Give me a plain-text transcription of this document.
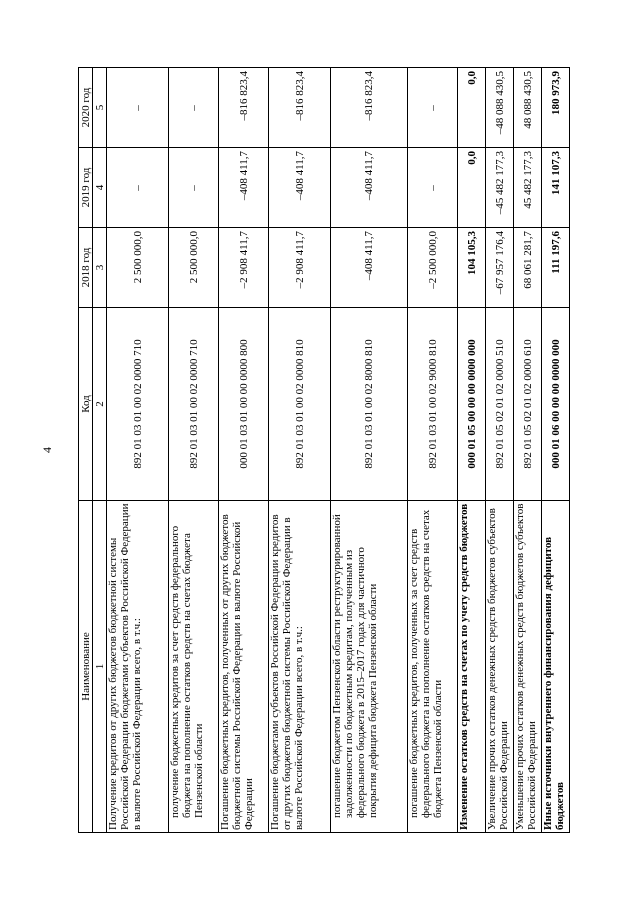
4
Наименование	Код	2018 год	2019 год	2020 год
1	2	3	4	5
Получение кредитов от других бюджетов бюджетной системы Российской Федерации бюджетами субъектов Российской Федерации в валюте Российской Федерации всего, в т.ч.:	892 01 03 01 00 02 0000 710	2 500 000,0	–	–
получение бюджетных кредитов за счет средств федерального бюджета на пополнение остатков средств на счетах бюджета Пензенской области	892 01 03 01 00 02 0000 710	2 500 000,0	–	–
Погашение бюджетных кредитов, полученных от других бюджетов бюджетной системы Российской Федерации в валюте Российской Федерации	000 01 03 01 00 00 0000 800	–2 908 411,7	–408 411,7	–816 823,4
Погашение бюджетами субъектов Российской Федерации кредитов от других бюджетов бюджетной системы Российской Федерации в валюте Российской Федерации всего, в т.ч.:	892 01 03 01 00 02 0000 810	–2 908 411,7	–408 411,7	–816 823,4
погашение бюджетом Пензенской области реструктурированной задолженности по бюджетным кредитам, полученным из федерального бюджета в 2015–2017 годах для частичного покрытия дефицита бюджета Пензенской области	892 01 03 01 00 02 8000 810	–408 411,7	–408 411,7	–816 823,4
погашение бюджетных кредитов, полученных за счет средств федерального бюджета на пополнение остатков средств на счетах бюджета Пензенской области	892 01 03 01 00 02 9000 810	–2 500 000,0	–	–
Изменение остатков средств на счетах по учету средств бюджетов	000 01 05 00 00 00 0000 000	104 105,3	0,0	0,0
Увеличение прочих остатков денежных средств бюджетов субъектов Российской Федерации	892 01 05 02 01 02 0000 510	–67 957 176,4	–45 482 177,3	–48 088 430,5
Уменьшение прочих остатков денежных средств бюджетов субъектов Российской Федерации	892 01 05 02 01 02 0000 610	68 061 281,7	45 482 177,3	48 088 430,5
Иные источники внутреннего финансирования дефицитов бюджетов	000 01 06 00 00 00 0000 000	111 197,6	141 107,3	180 973,9
